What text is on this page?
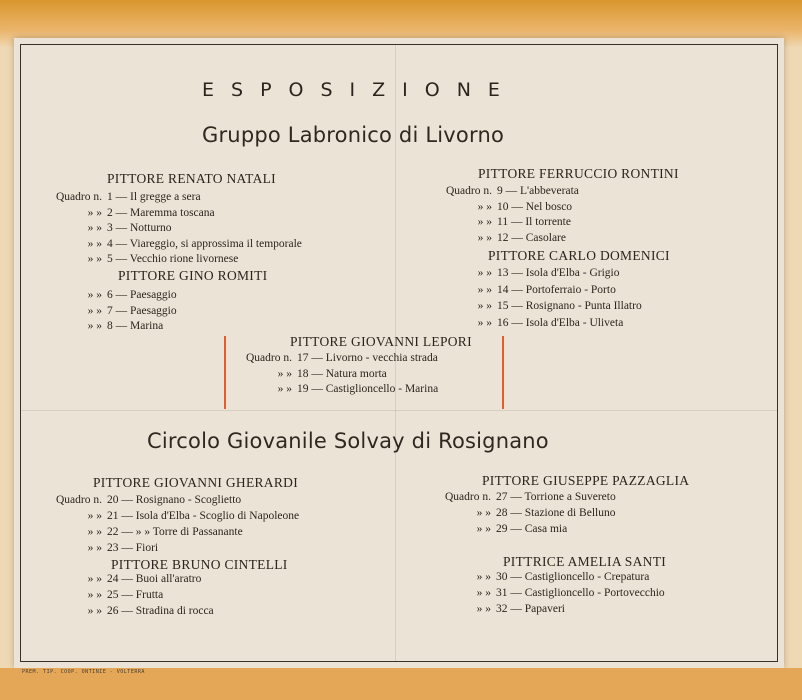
PREM. TIP. COOP. ONTINIE - VOLTERRA
ESPOSIZIONE
Gruppo Labronico di Livorno
Circolo Giovanile Solvay di Rosignano
PITTORE RENATO NATALI
PITTORE GINO ROMITI
PITTORE FERRUCCIO RONTINI
PITTORE CARLO DOMENICI
PITTORE GIOVANNI LEPORI
PITTORE GIOVANNI GHERARDI
PITTORE BRUNO CINTELLI
PITTORE GIUSEPPE PAZZAGLIA
PITTRICE AMELIA SANTI
Quadro n. 1 — Il gregge a sera
» » 2 — Maremma toscana
» » 3 — Notturno
» » 4 — Viareggio, si approssima il temporale
» » 5 — Vecchio rione livornese
» » 6 — Paesaggio
» » 7 — Paesaggio
» » 8 — Marina
Quadro n. 9 — L'abbeverata
» » 10 — Nel bosco
» » 11 — Il torrente
» » 12 — Casolare
» » 13 — Isola d'Elba - Grigio
» » 14 — Portoferraio - Porto
» » 15 — Rosignano - Punta Illatro
» » 16 — Isola d'Elba - Uliveta
Quadro n. 17 — Livorno - vecchia strada
» » 18 — Natura morta
» » 19 — Castiglioncello - Marina
Quadro n. 20 — Rosignano - Scoglietto
» » 21 — Isola d'Elba - Scoglio di Napoleone
» » 22 — » » Torre di Passanante
» » 23 — Fiori
» » 24 — Buoi all'aratro
» » 25 — Frutta
» » 26 — Stradina di rocca
Quadro n. 27 — Torrione a Suvereto
» » 28 — Stazione di Belluno
» » 29 — Casa mia
» » 30 — Castiglioncello - Crepatura
» » 31 — Castiglioncello - Portovecchio
» » 32 — Papaveri
